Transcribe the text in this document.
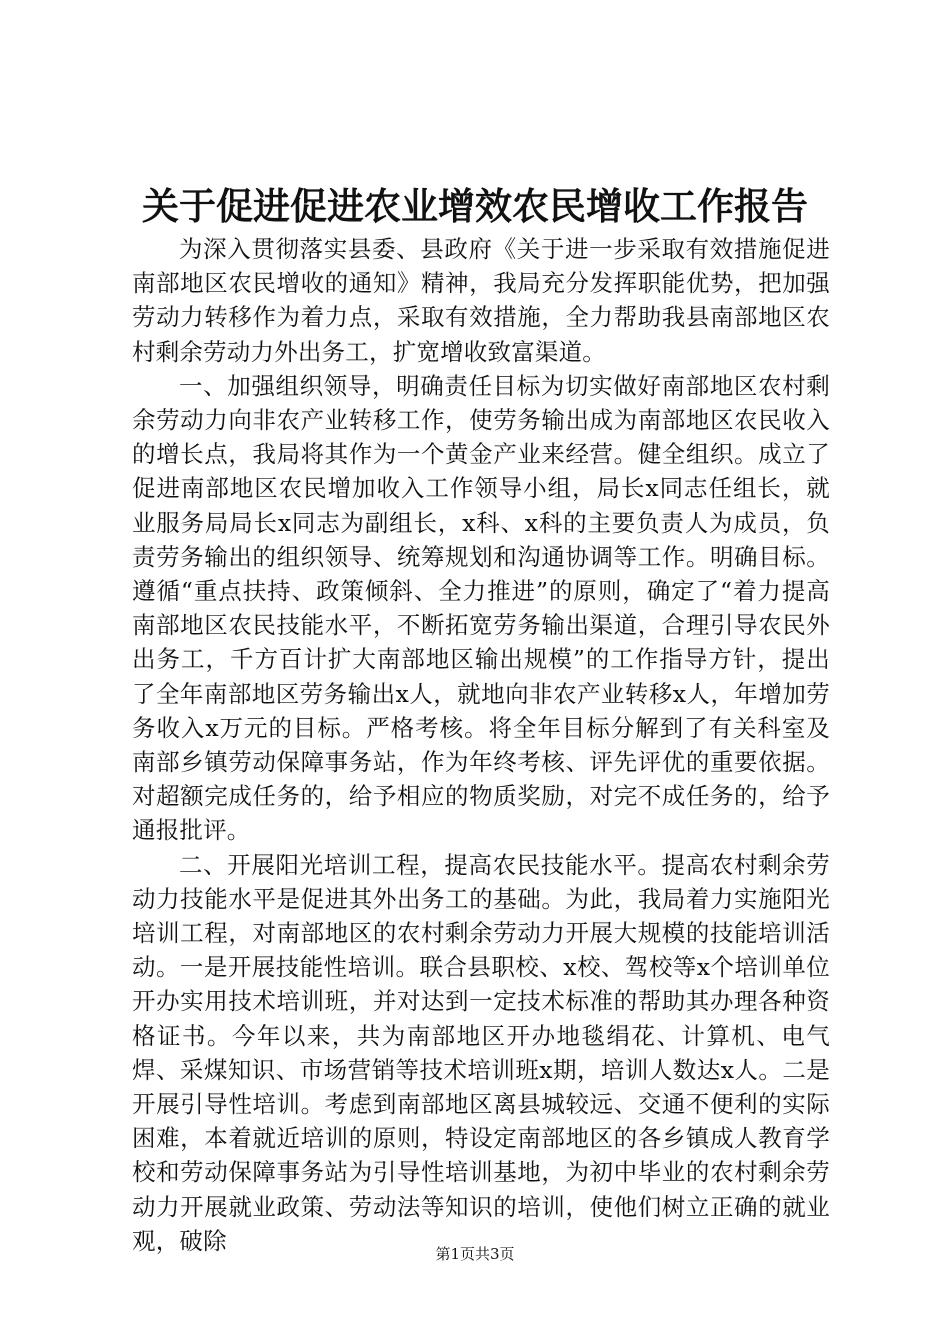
关于促进促进农业增效农民增收工作报告

为深入贯彻落实县委、县政府《关于进一步采取有效措施促进南部地区农民增收的通知》精神，我局充分发挥职能优势，把加强劳动力转移作为着力点，采取有效措施，全力帮助我县南部地区农村剩余劳动力外出务工，扩宽增收致富渠道。

一、加强组织领导，明确责任目标为切实做好南部地区农村剩余劳动力向非农产业转移工作，使劳务输出成为南部地区农民收入的增长点，我局将其作为一个黄金产业来经营。健全组织。成立了促进南部地区农民增加收入工作领导小组，局长x同志任组长，就业服务局局长x同志为副组长，x科、x科的主要负责人为成员，负责劳务输出的组织领导、统筹规划和沟通协调等工作。明确目标。遵循“重点扶持、政策倾斜、全力推进”的原则，确定了“着力提高南部地区农民技能水平，不断拓宽劳务输出渠道，合理引导农民外出务工，千方百计扩大南部地区输出规模”的工作指导方针，提出了全年南部地区劳务输出x人，就地向非农产业转移x人，年增加劳务收入x万元的目标。严格考核。将全年目标分解到了有关科室及南部乡镇劳动保障事务站，作为年终考核、评先评优的重要依据。对超额完成任务的，给予相应的物质奖励，对完不成任务的，给予通报批评。

二、开展阳光培训工程，提高农民技能水平。提高农村剩余劳动力技能水平是促进其外出务工的基础。为此，我局着力实施阳光培训工程，对南部地区的农村剩余劳动力开展大规模的技能培训活动。一是开展技能性培训。联合县职校、x校、驾校等x个培训单位开办实用技术培训班，并对达到一定技术标准的帮助其办理各种资格证书。今年以来，共为南部地区开办地毯绢花、计算机、电气焊、采煤知识、市场营销等技术培训班x期，培训人数达x人。二是开展引导性培训。考虑到南部地区离县城较远、交通不便利的实际困难，本着就近培训的原则，特设定南部地区的各乡镇成人教育学校和劳动保障事务站为引导性培训基地，为初中毕业的农村剩余劳动力开展就业政策、劳动法等知识的培训，使他们树立正确的就业观，破除	第1页共3页
